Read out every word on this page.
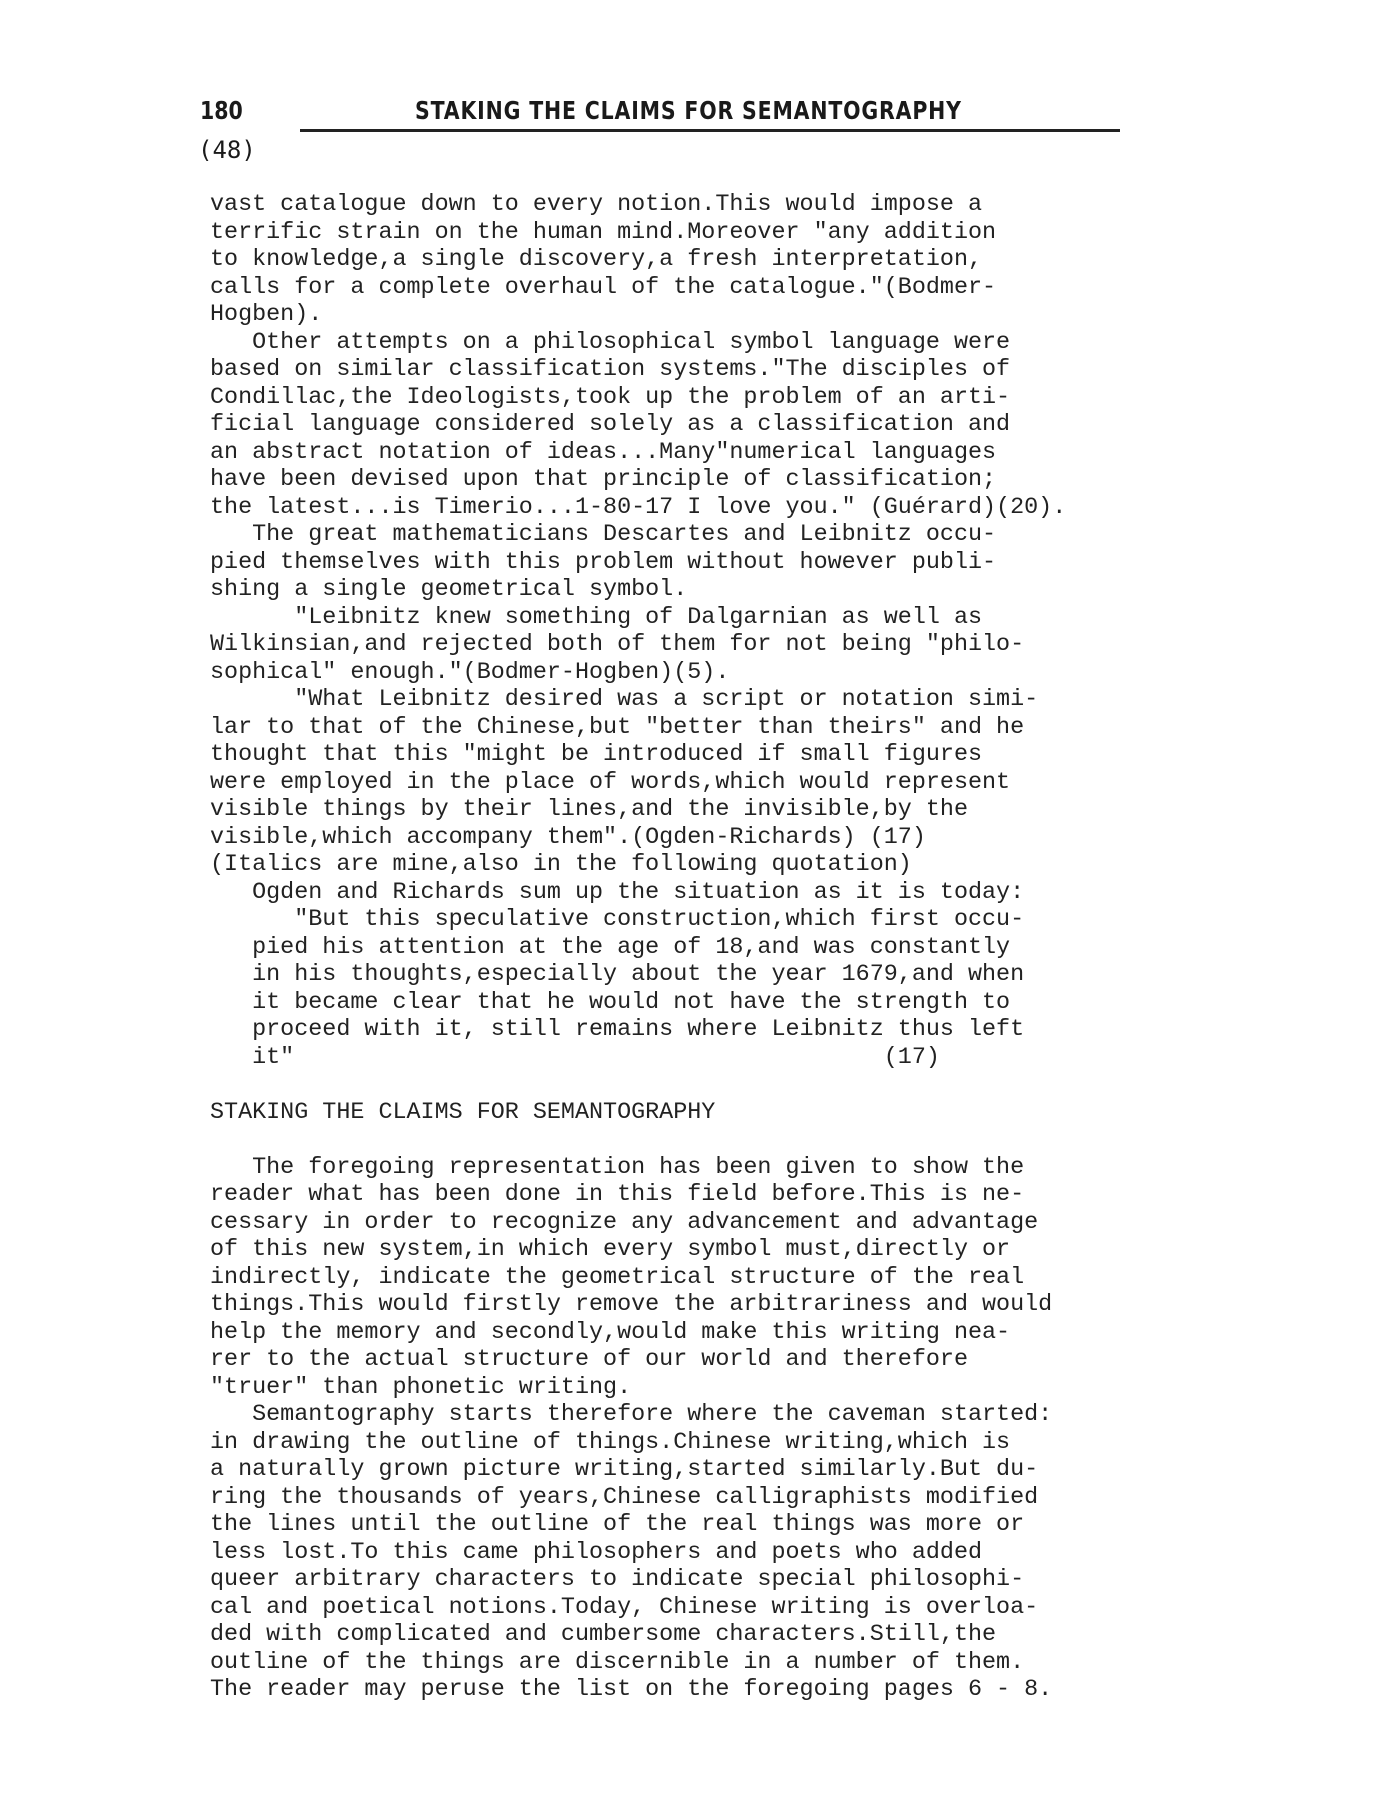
180	STAKING THE CLAIMS FOR SEMANTOGRAPHY
(48)
vast catalogue down to every notion.This would impose a
terrific strain on the human mind.Moreover "any addition
to knowledge,a single discovery,a fresh interpretation,
calls for a complete overhaul of the catalogue."(Bodmer-
Hogben).
Other attempts on a philosophical symbol language were
based on similar classification systems."The disciples of
Condillac,the Ideologists,took up the problem of an arti-
ficial language considered solely as a classification and
an abstract notation of ideas...Many"numerical languages
have been devised upon that principle of classification;
the latest...is Timerio...1-80-17 I love you." (Guérard)(20).
The great mathematicians Descartes and Leibnitz occu-
pied themselves with this problem without however publi-
shing a single geometrical symbol.
"Leibnitz knew something of Dalgarnian as well as
Wilkinsian,and rejected both of them for not being "philo-
sophical" enough."(Bodmer-Hogben)(5).
"What Leibnitz desired was a script or notation simi-
lar to that of the Chinese,but "better than theirs" and he
thought that this "might be introduced if small figures
were employed in the place of words,which would represent
visible things by their lines,and the invisible,by the
visible,which accompany them".(Ogden-Richards) (17)
(Italics are mine,also in the following quotation)
Ogden and Richards sum up the situation as it is today:
"But this speculative construction,which first occu-
pied his attention at the age of 18,and was constantly
in his thoughts,especially about the year 1679,and when
it became clear that he would not have the strength to
proceed with it, still remains where Leibnitz thus left
it"                                          (17)
STAKING THE CLAIMS FOR SEMANTOGRAPHY
The foregoing representation has been given to show the
reader what has been done in this field before.This is ne-
cessary in order to recognize any advancement and advantage
of this new system,in which every symbol must,directly or
indirectly, indicate the geometrical structure of the real
things.This would firstly remove the arbitrariness and would
help the memory and secondly,would make this writing nea-
rer to the actual structure of our world and therefore
"truer" than phonetic writing.
Semantography starts therefore where the caveman started:
in drawing the outline of things.Chinese writing,which is
a naturally grown picture writing,started similarly.But du-
ring the thousands of years,Chinese calligraphists modified
the lines until the outline of the real things was more or
less lost.To this came philosophers and poets who added
queer arbitrary characters to indicate special philosophi-
cal and poetical notions.Today, Chinese writing is overloa-
ded with complicated and cumbersome characters.Still,the
outline of the things are discernible in a number of them.
The reader may peruse the list on the foregoing pages 6 - 8.
